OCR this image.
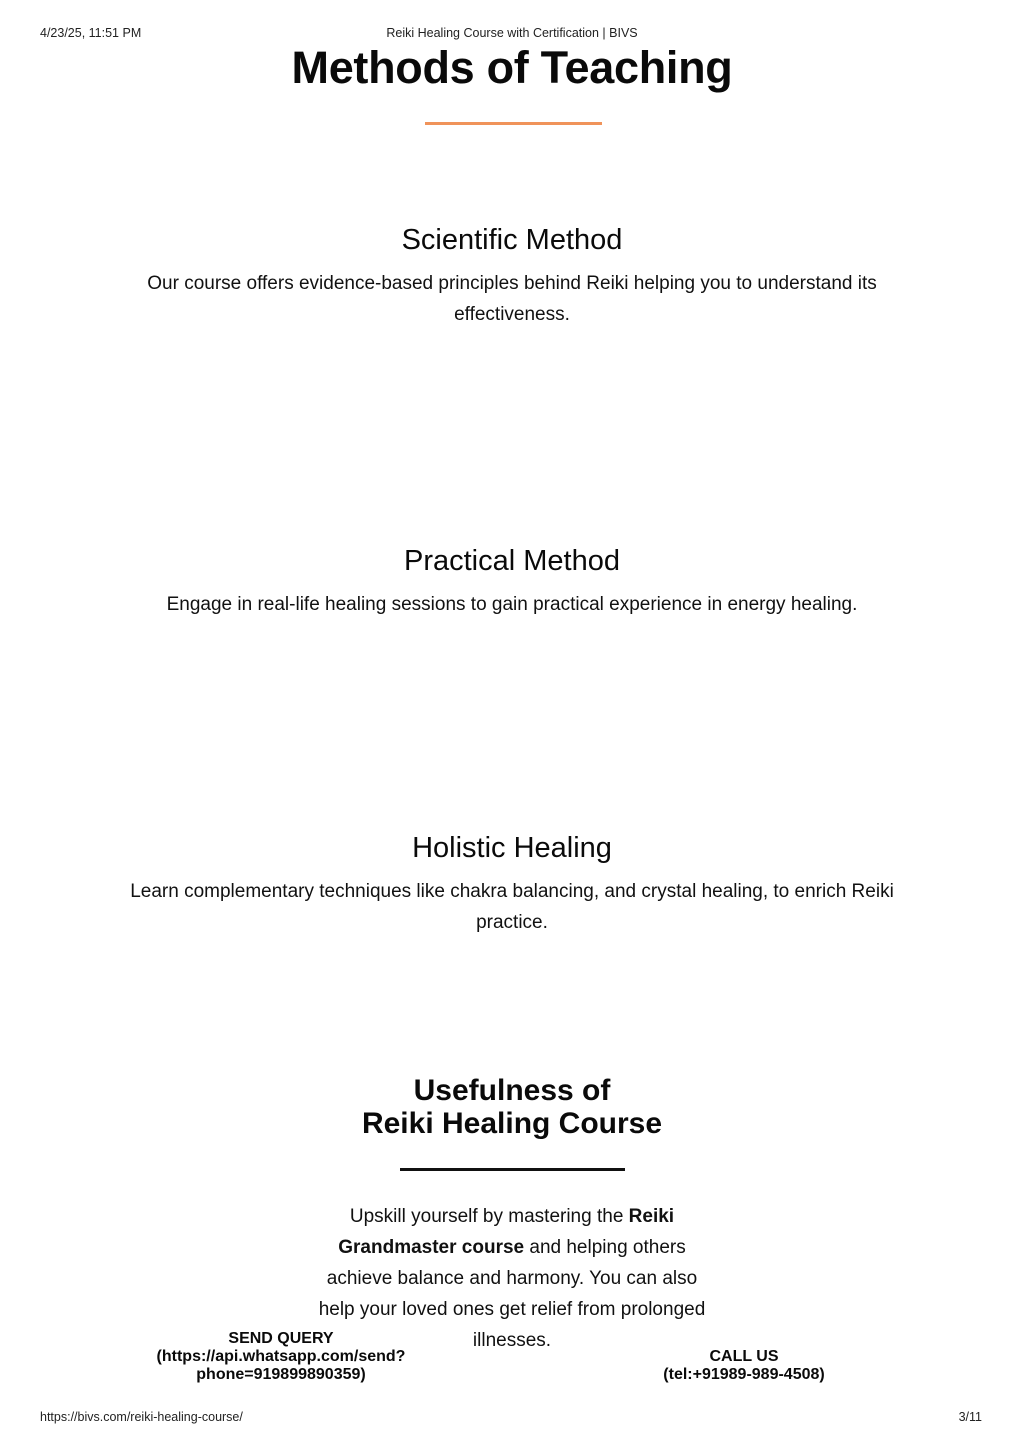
4/23/25, 11:51 PM	Reiki Healing Course with Certification | BIVS
Methods of Teaching
Scientific Method

Our course offers evidence-based principles behind Reiki helping you to understand its effectiveness.

Practical Method

Engage in real-life healing sessions to gain practical experience in energy healing.

Holistic Healing

Learn complementary techniques like chakra balancing, and crystal healing, to enrich Reiki practice.

Usefulness of
Reiki Healing Course
Upskill yourself by mastering the Reiki Grandmaster course and helping others achieve balance and harmony. You can also help your loved ones get relief from prolonged illnesses.
SEND QUERY
(https://api.whatsapp.com/send?
phone=919899890359)
CALL US
(tel:+91989-989-4508)
https://bivs.com/reiki-healing-course/	3/11
